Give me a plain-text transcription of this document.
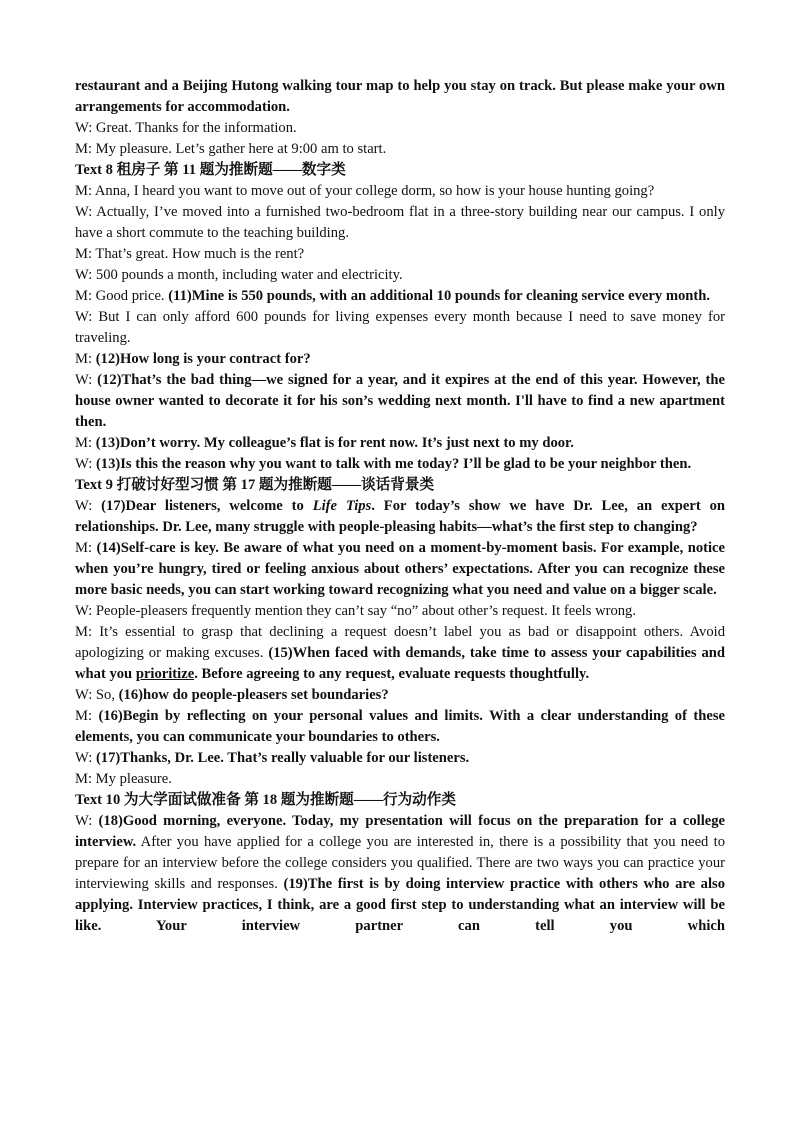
restaurant and a Beijing Hutong walking tour map to help you stay on track. But please make your own arrangements for accommodation.

W: Great. Thanks for the information.

M: My pleasure. Let’s gather here at 9:00 am to start.

Text 8 租房子 第 11 题为推断题——数字类

M: Anna, I heard you want to move out of your college dorm, so how is your house hunting going?

W: Actually, I’ve moved into a furnished two-bedroom flat in a three-story building near our campus. I only have a short commute to the teaching building.

M: That’s great. How much is the rent?

W: 500 pounds a month, including water and electricity.

M: Good price. (11)Mine is 550 pounds, with an additional 10 pounds for cleaning service every month.

W: But I can only afford 600 pounds for living expenses every month because I need to save money for traveling.

M: (12)How long is your contract for?

W: (12)That’s the bad thing—we signed for a year, and it expires at the end of this year. However, the house owner wanted to decorate it for his son’s wedding next month. I'll have to find a new apartment then.

M: (13)Don’t worry. My colleague’s flat is for rent now. It’s just next to my door.

W: (13)Is this the reason why you want to talk with me today? I’ll be glad to be your neighbor then.

Text 9 打破讨好型习惯 第 17 题为推断题——谈话背景类

W: (17)Dear listeners, welcome to Life Tips. For today’s show we have Dr. Lee, an expert on relationships. Dr. Lee, many struggle with people-pleasing habits—what’s the first step to changing?

M: (14)Self-care is key. Be aware of what you need on a moment-by-moment basis. For example, notice when you’re hungry, tired or feeling anxious about others’ expectations. After you can recognize these more basic needs, you can start working toward recognizing what you need and value on a bigger scale.

W: People-pleasers frequently mention they can’t say “no” about other’s request. It feels wrong.

M: It’s essential to grasp that declining a request doesn’t label you as bad or disappoint others. Avoid apologizing or making excuses. (15)When faced with demands, take time to assess your capabilities and what you prioritize. Before agreeing to any request, evaluate requests thoughtfully.

W: So, (16)how do people-pleasers set boundaries?

M: (16)Begin by reflecting on your personal values and limits. With a clear understanding of these elements, you can communicate your boundaries to others.

W: (17)Thanks, Dr. Lee. That’s really valuable for our listeners.

M: My pleasure.

Text 10 为大学面试做准备 第 18 题为推断题——行为动作类

W: (18)Good morning, everyone. Today, my presentation will focus on the preparation for a college interview. After you have applied for a college you are interested in, there is a possibility that you need to prepare for an interview before the college considers you qualified. There are two ways you can practice your interviewing skills and responses. (19)The first is by doing interview practice with others who are also applying. Interview practices, I think, are a good first step to understanding what an interview will be like. Your interview partner can tell you which
